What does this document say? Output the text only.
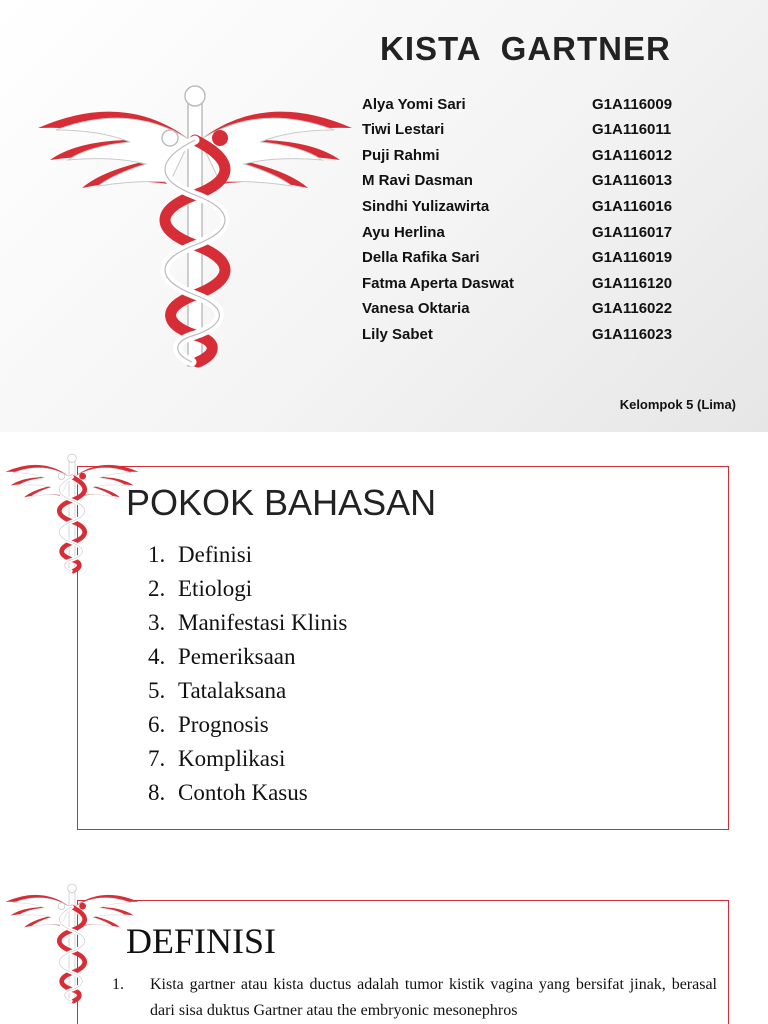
KISTA  GARTNER
Alya Yomi Sari	G1A116009
Tiwi Lestari	G1A116011
Puji Rahmi	G1A116012
M Ravi Dasman	G1A116013
Sindhi Yulizawirta	G1A116016
Ayu Herlina	G1A116017
Della Rafika Sari	G1A116019
Fatma Aperta Daswat	G1A116120
Vanesa Oktaria	G1A116022
Lily Sabet	G1A116023
Kelompok 5 (Lima)
POKOK BAHASAN
1. Definisi
2. Etiologi
3. Manifestasi Klinis
4. Pemeriksaan
5. Tatalaksana
6. Prognosis
7. Komplikasi
8. Contoh Kasus
DEFINISI
1. Kista gartner atau kista ductus adalah tumor kistik vagina yang bersifat jinak, berasal dari sisa duktus Gartner atau the embryonic mesonephros
